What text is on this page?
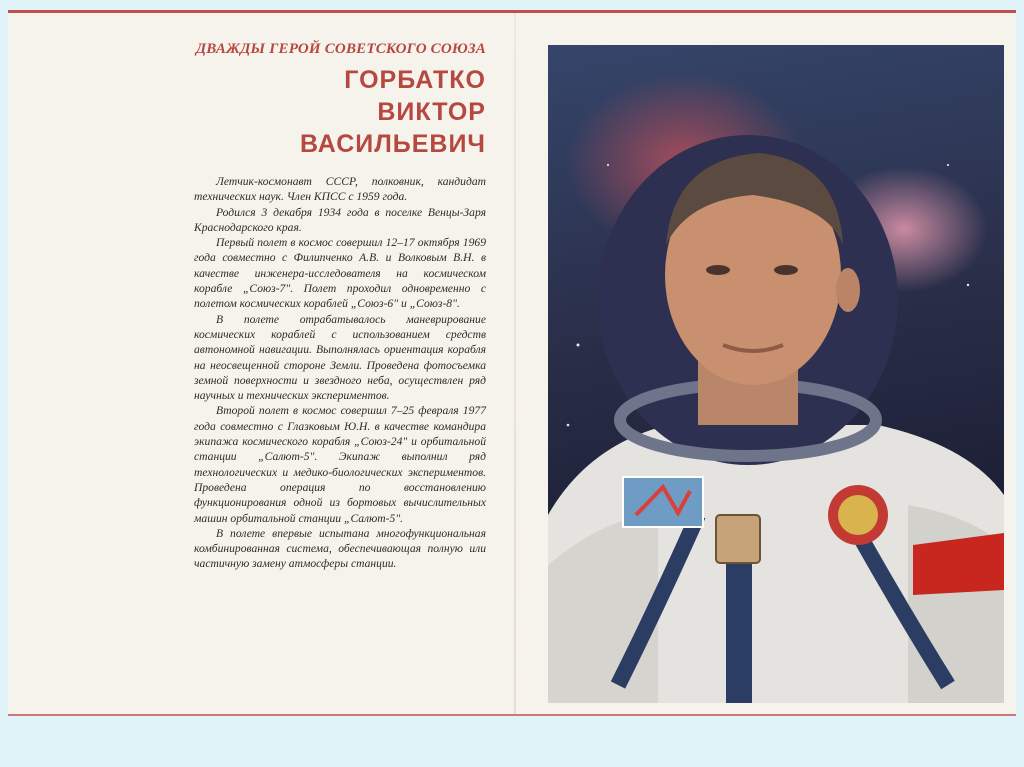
ДВАЖДЫ ГЕРОЙ СОВЕТСКОГО СОЮЗА
ГОРБАТКО
ВИКТОР
ВАСИЛЬЕВИЧ

Летчик-космонавт СССР, полковник, кандидат технических наук. Член КПСС с 1959 года.

Родился 3 декабря 1934 года в поселке Венцы-Заря Краснодарского края.

Первый полет в космос совершил 12–17 октября 1969 года совместно с Филипченко А.В. и Волковым В.Н. в качестве инженера-исследователя на космическом корабле „Союз-7". Полет проходил одновременно с полетом космических кораблей „Союз-6" и „Союз-8".

В полете отрабатывалось маневрирование космических кораблей с использованием средств автономной навигации. Выполнялась ориентация корабля на неосвещенной стороне Земли. Проведена фотосъемка земной поверхности и звездного неба, осуществлен ряд научных и технических экспериментов.

Второй полет в космос совершил 7–25 февраля 1977 года совместно с Глазковым Ю.Н. в качестве командира экипажа космического корабля „Союз-24" и орбитальной станции „Салют-5". Экипаж выполнил ряд технологических и медико-биологических экспериментов. Проведена операция по восстановлению функционирования одной из бортовых вычислительных машин орбитальной станции „Салют-5".

В полете впервые испытана многофункциональная комбинированная система, обеспечивающая полную или частичную замену атмосферы станции.
